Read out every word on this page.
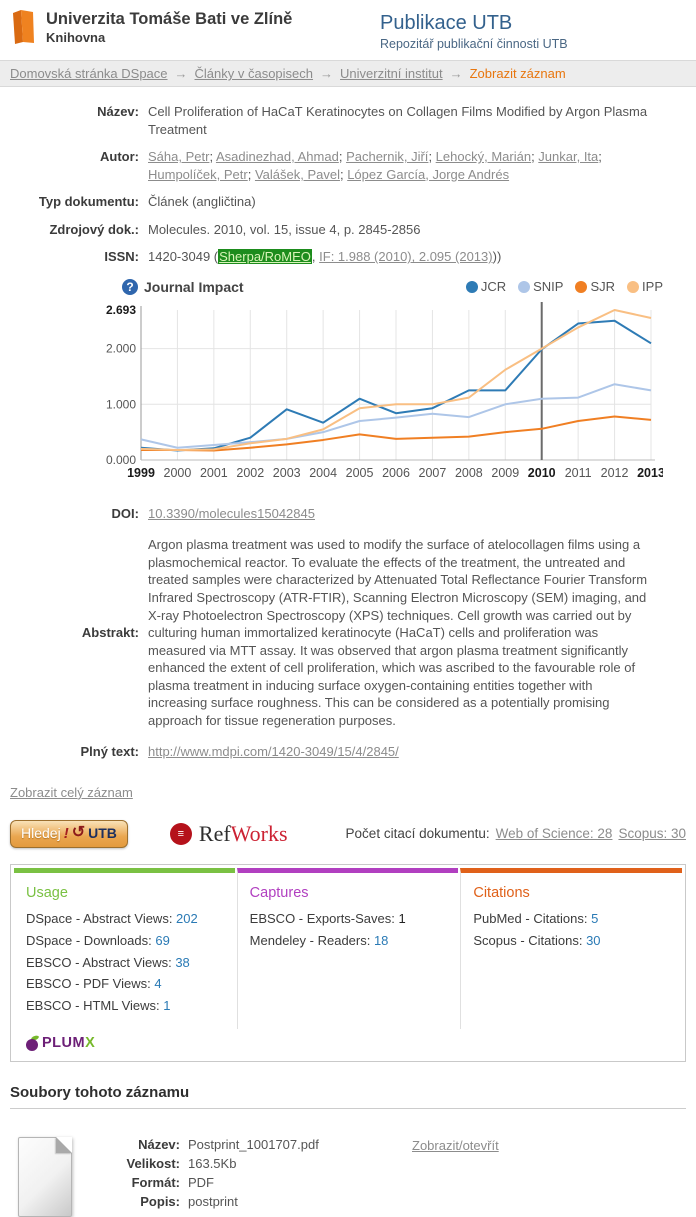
Univerzita Tomáše Bati ve Zlíně
Knihovna
Publikace UTB
Repozitář publikační činnosti UTB
Domovská stránka DSpace → Články v časopisech → Univerzitní institut → Zobrazit záznam
Název: Cell Proliferation of HaCaT Keratinocytes on Collagen Films Modified by Argon Plasma Treatment
Autor: Sáha, Petr; Asadinezhad, Ahmad; Pachernik, Jiří; Lehocký, Marián; Junkar, Ita; Humpolíček, Petr; Valášek, Pavel; López García, Jorge Andrés
Typ dokumentu: Článek (angličtina)
Zdrojový dok.: Molecules. 2010, vol. 15, issue 4, p. 2845-2856
ISSN: 1420-3049 (Sherpa/RoMEO, IF: 1.988 (2010), 2.095 (2013)))
? Journal Impact	JCR SNIP SJR IPP
0.000
1.000
2.000
2.693
1999 2000 2001 2002 2003 2004 2005 2006 2007 2008 2009 2010 2011 2012 2013
DOI: 10.3390/molecules15042845
Abstrakt:
Argon plasma treatment was used to modify the surface of atelocollagen films using a plasmochemical reactor. To evaluate the effects of the treatment, the untreated and treated samples were characterized by Attenuated Total Reflectance Fourier Transform Infrared Spectroscopy (ATR-FTIR), Scanning Electron Microscopy (SEM) imaging, and X-ray Photoelectron Spectroscopy (XPS) techniques. Cell growth was carried out by culturing human immortalized keratinocyte (HaCaT) cells and proliferation was measured via MTT assay. It was observed that argon plasma treatment significantly enhanced the extent of cell proliferation, which was ascribed to the favourable role of plasma treatment in inducing surface oxygen-containing entities together with increasing surface roughness. This can be considered as a potentially promising approach for tissue regeneration purposes.
Plný text: http://www.mdpi.com/1420-3049/15/4/2845/
Zobrazit celý záznam
Hledej ! ↺ UTB	≡ RefWorks	Počet citací dokumentu: Web of Science: 28 Scopus: 30
Usage
DSpace - Abstract Views: 202
DSpace - Downloads: 69
EBSCO - Abstract Views: 38
EBSCO - PDF Views: 4
EBSCO - HTML Views: 1
Captures
EBSCO - Exports-Saves: 1
Mendeley - Readers: 18
Citations
PubMed - Citations: 5
Scopus - Citations: 30
PLUMX
Soubory tohoto záznamu
Název: Postprint_1001707.pdf
Velikost: 163.5Kb
Formát: PDF
Popis: postprint
Zobrazit/otevřít
